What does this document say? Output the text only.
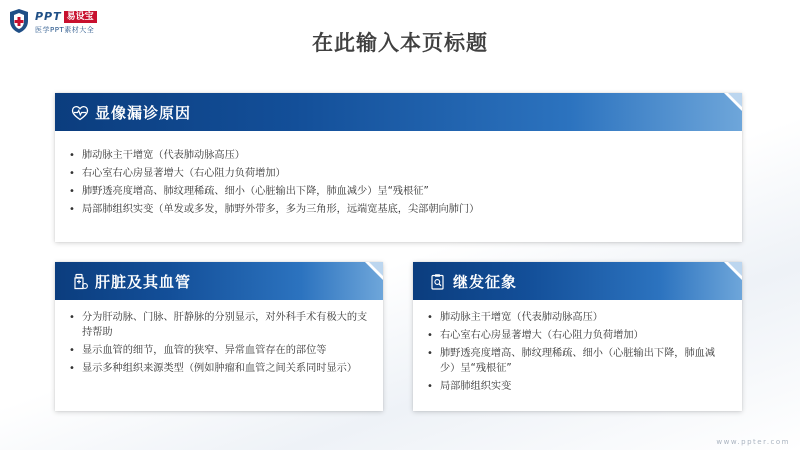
PPT 易设宝
医学PPT素材大全
在此输入本页标题
显像漏诊原因
• 肺动脉主干增宽（代表肺动脉高压）
• 右心室右心房显著增大（右心阻力负荷增加）
• 肺野透亮度增高、肺纹理稀疏、细小（心脏输出下降，肺血减少）呈“残根征”
• 局部肺组织实变（单发或多发，肺野外带多，多为三角形，远端宽基底，尖部朝向肺门）
肝脏及其血管
• 分为肝动脉、门脉、肝静脉的分别显示，对外科手术有极大的支持帮助
• 显示血管的细节，血管的狭窄、异常血管存在的部位等
• 显示多种组织来源类型（例如肿瘤和血管之间关系同时显示）
继发征象
• 肺动脉主干增宽（代表肺动脉高压）
• 右心室右心房显著增大（右心阻力负荷增加）
• 肺野透亮度增高、肺纹理稀疏、细小（心脏输出下降，肺血减少）呈“残根征”
• 局部肺组织实变
www.ppter.com
